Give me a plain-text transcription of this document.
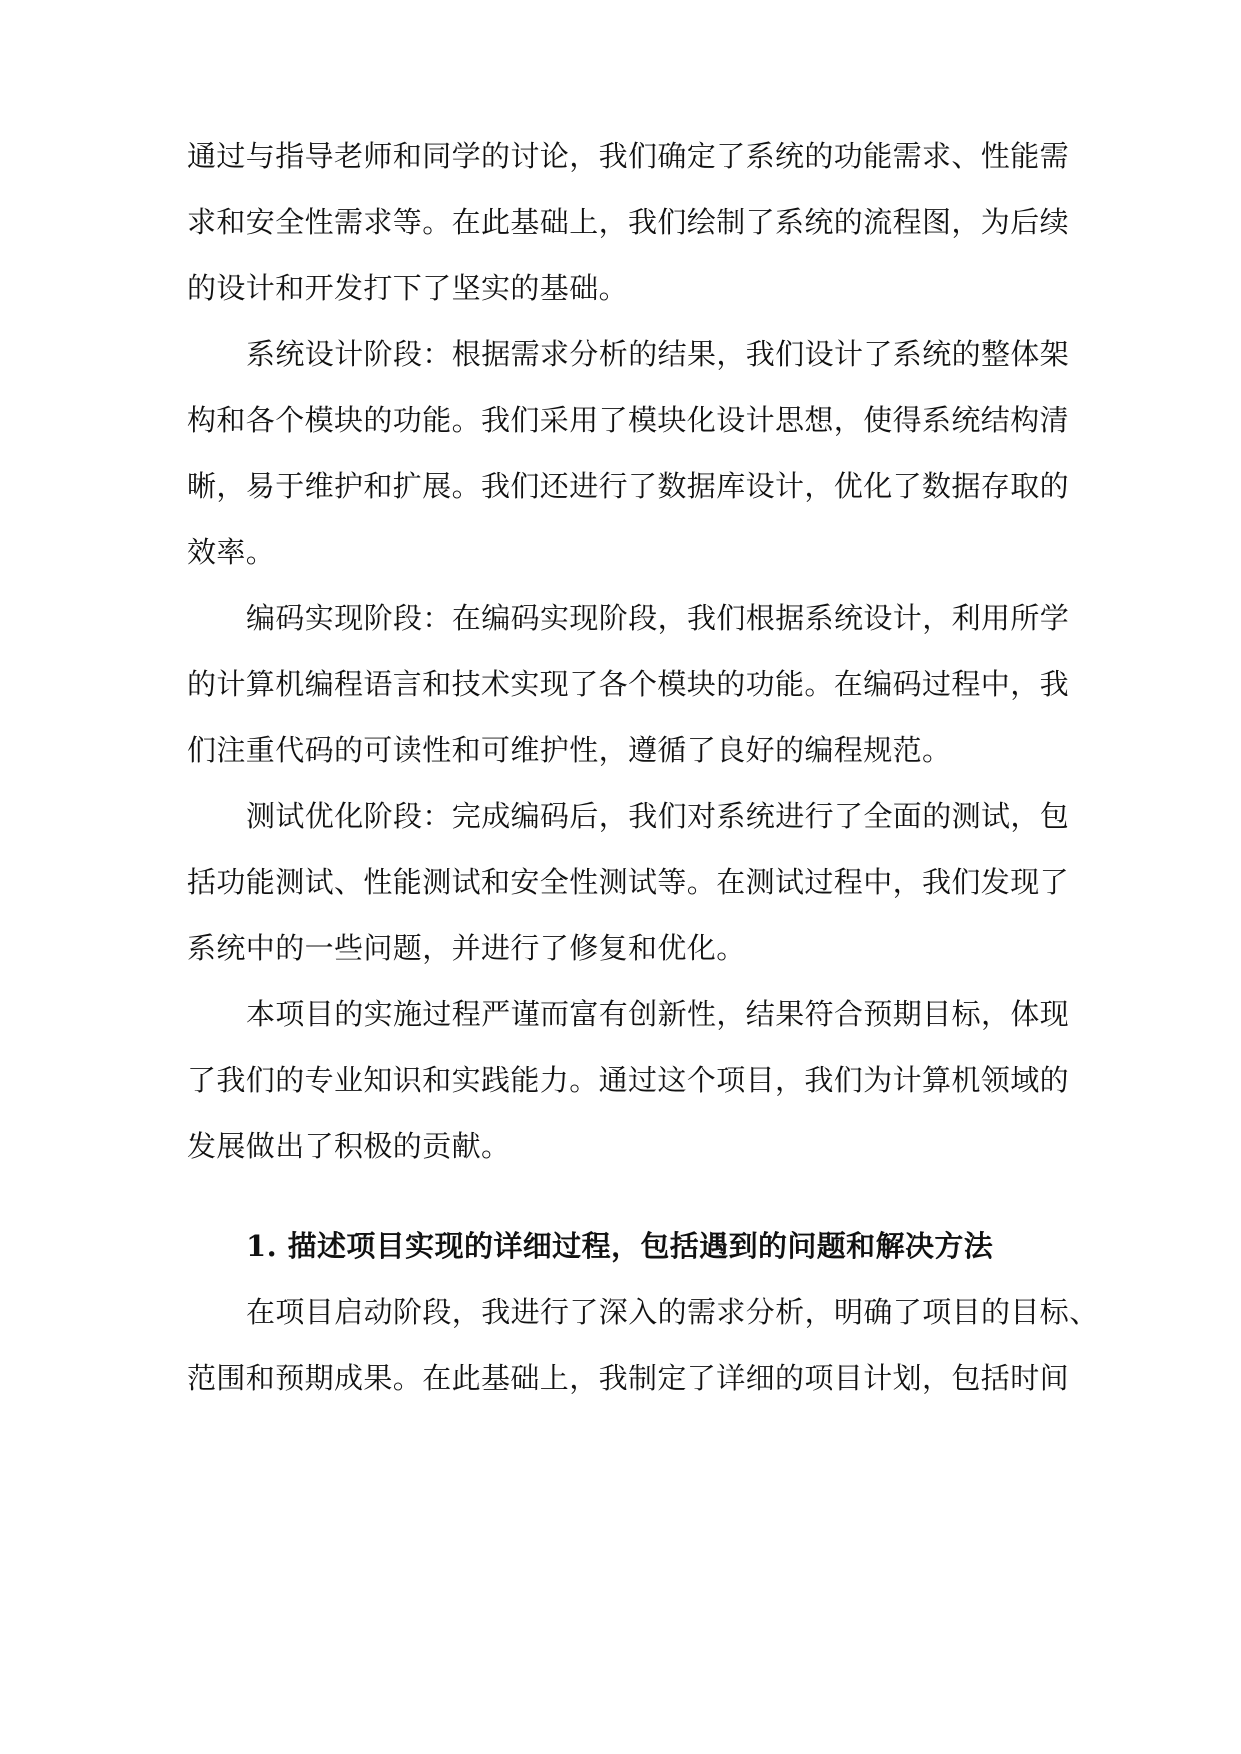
通过与指导老师和同学的讨论，我们确定了系统的功能需求、性能需
求和安全性需求等。在此基础上，我们绘制了系统的流程图，为后续
的设计和开发打下了坚实的基础。
系统设计阶段：根据需求分析的结果，我们设计了系统的整体架
构和各个模块的功能。我们采用了模块化设计思想，使得系统结构清
晰，易于维护和扩展。我们还进行了数据库设计，优化了数据存取的
效率。
编码实现阶段：在编码实现阶段，我们根据系统设计，利用所学
的计算机编程语言和技术实现了各个模块的功能。在编码过程中，我
们注重代码的可读性和可维护性，遵循了良好的编程规范。
测试优化阶段：完成编码后，我们对系统进行了全面的测试，包
括功能测试、性能测试和安全性测试等。在测试过程中，我们发现了
系统中的一些问题，并进行了修复和优化。
本项目的实施过程严谨而富有创新性，结果符合预期目标，体现
了我们的专业知识和实践能力。通过这个项目，我们为计算机领域的
发展做出了积极的贡献。
1. 描述项目实现的详细过程，包括遇到的问题和解决方法
在项目启动阶段，我进行了深入的需求分析，明确了项目的目标、
范围和预期成果。在此基础上，我制定了详细的项目计划，包括时间
